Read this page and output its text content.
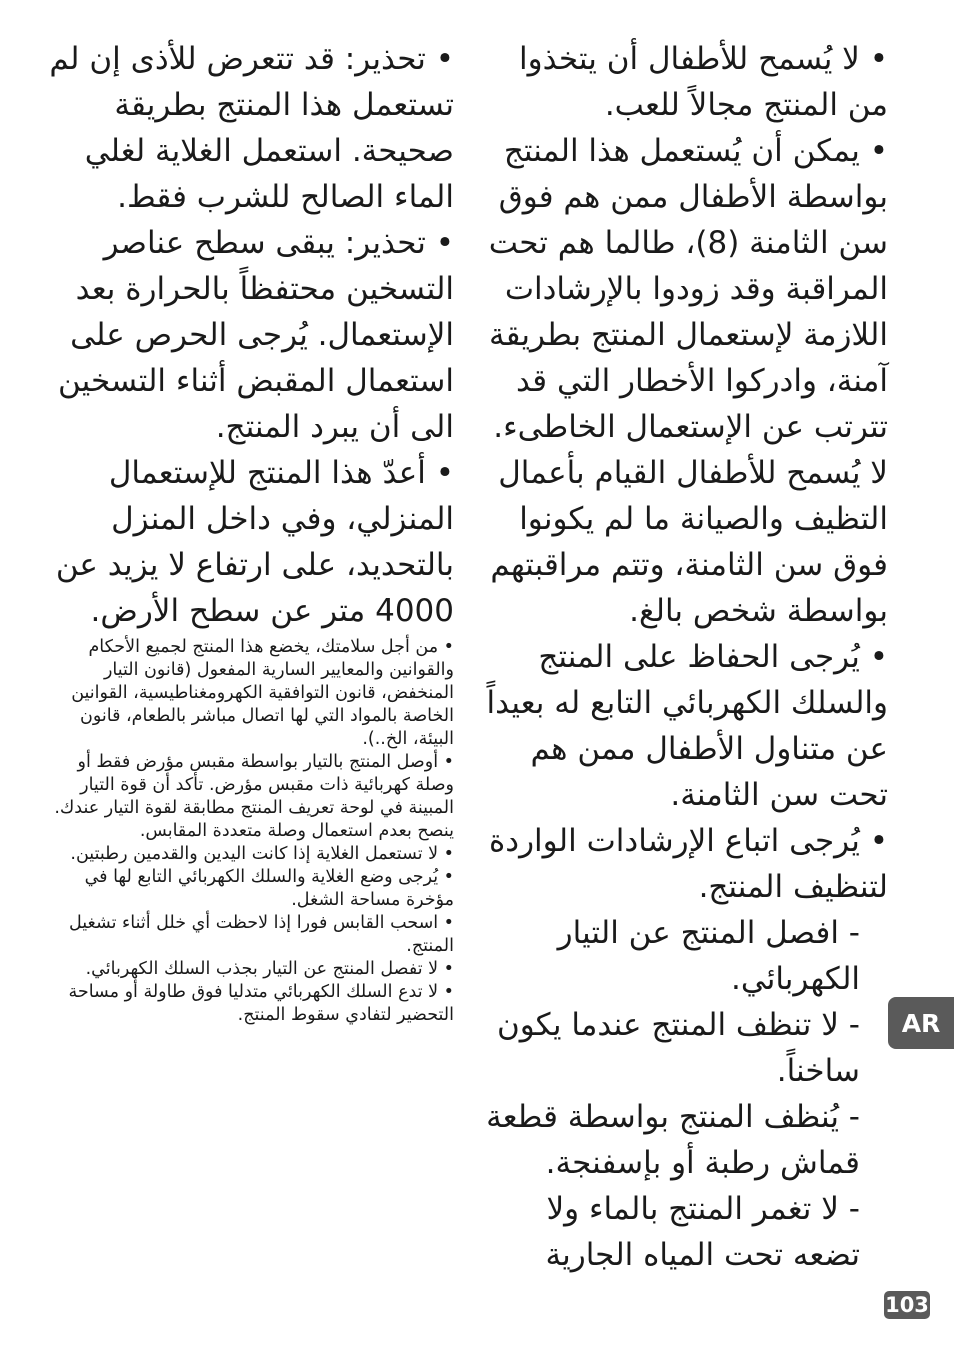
• لا يُسمح للأطفال أن يتخذوا من المنتج مجالاً للعب.

• يمكن أن يُستعمل هذا المنتج بواسطة الأطفال ممن هم فوق سن الثامنة (8)، طالما هم تحت المراقبة وقد زودوا بالإرشادات اللازمة لإستعمال المنتج بطريقة آمنة، وادركوا الأخطار التي قد تترتب عن الإستعمال الخاطىء. لا يُسمح للأطفال القيام بأعمال التظيف والصيانة ما لم يكونوا فوق سن الثامنة، وتتم مراقبتهم بواسطة شخص بالغ.

• يُرجى الحفاظ على المنتج والسلك الكهربائي التابع له بعيداً عن متناول الأطفال ممن هم تحت سن الثامنة.

• يُرجى اتباع الإرشادات الواردة لتنظيف المنتج.

- افصل المنتج عن التيار الكهربائي.

- لا تنظف المنتج عندما يكون ساخناً.

- يُنظف المنتج بواسطة قطعة قماش رطبة أو بإسفنجة.

- لا تغمر المنتج بالماء ولا تضعه تحت المياه الجارية

• تحذير: قد تتعرض للأذى إن لم تستعمل هذا المنتج بطريقة صحيحة. استعمل الغلاية لغلي الماء الصالح للشرب فقط.

• تحذير: يبقى سطح عناصر التسخين محتفظاً بالحرارة بعد الإستعمال. يُرجى الحرص على استعمال المقبض أثناء التسخين الى أن يبرد المنتج.

• أعدّ هذا المنتج للإستعمال المنزلي، وفي داخل المنزل بالتحديد، على ارتفاع لا يزيد عن 4000 متر عن سطح الأرض.

• من أجل سلامتك، يخضع هذا المنتج لجميع الأحكام والقوانين والمعايير السارية المفعول (قانون التيار المنخفض، قانون التوافقية الكهرومغناطيسية، القوانين الخاصة بالمواد التي لها اتصال مباشر بالطعام، قانون البيئة، الخ..).

• أوصل المنتج بالتيار بواسطة مقبس مؤرض فقط أو وصلة كهربائية ذات مقبس مؤرض. تأكد أن قوة التيار المبينة في لوحة تعريف المنتج مطابقة لقوة التيار عندك. ينصح بعدم استعمال وصلة متعددة المقابس.

• لا تستعمل الغلاية إذا كانت اليدين والقدمين رطبتين.

• يُرجى وضع الغلاية والسلك الكهربائي التابع لها في مؤخرة مساحة الشغل.

• اسحب القابس فورا إذا لاحظت أي خلل أثناء تشغيل المنتج.

• لا تفصل المنتج عن التيار بجذب السلك الكهربائي.

• لا تدع السلك الكهربائي متدليا فوق طاولة أو مساحة التحضير لتفادي سقوط المنتج.	AR
103
